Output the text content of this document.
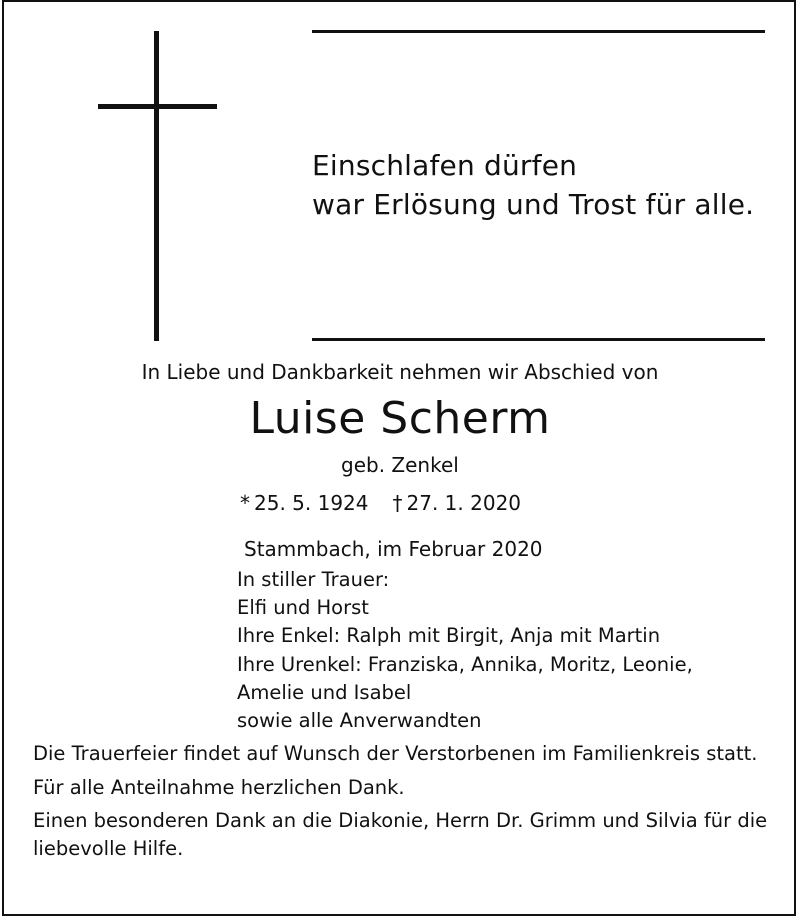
Einschlafen dürfen
war Erlösung und Trost für alle.
In Liebe und Dankbarkeit nehmen wir Abschied von
Luise Scherm
geb. Zenkel
* 25. 5. 1924 † 27. 1. 2020
Stammbach, im Februar 2020
In stiller Trauer:
Elfi und Horst
Ihre Enkel: Ralph mit Birgit, Anja mit Martin
Ihre Urenkel: Franziska, Annika, Moritz, Leonie,
Amelie und Isabel
sowie alle Anverwandten

Die Trauerfeier findet auf Wunsch der Verstorbenen im Familienkreis statt.

Für alle Anteilnahme herzlichen Dank.

Einen besonderen Dank an die Diakonie, Herrn Dr. Grimm und Silvia für die liebevolle Hilfe.
